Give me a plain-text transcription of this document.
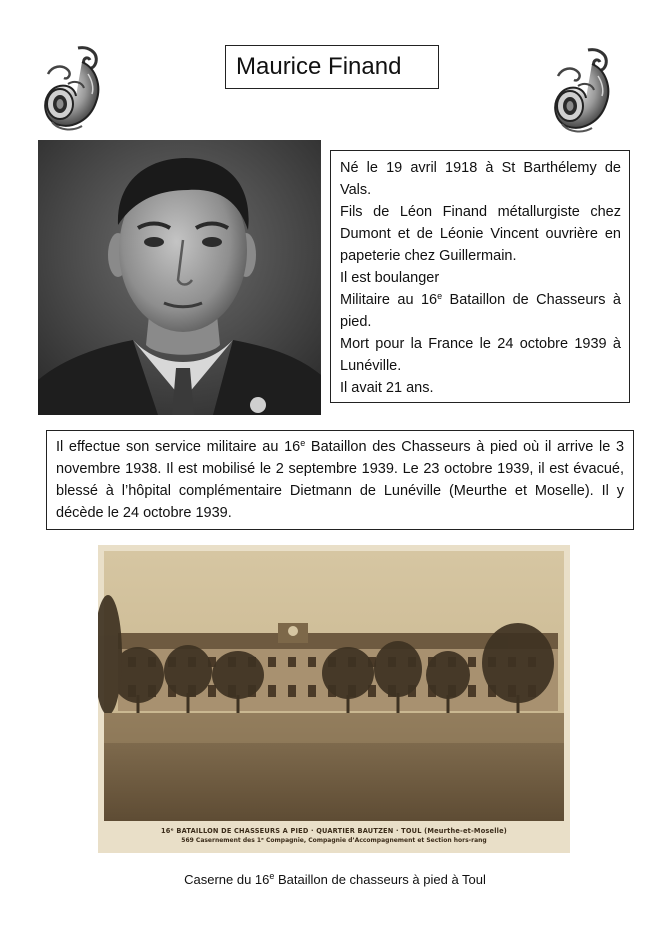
Maurice Finand

Né le 19 avril 1918 à St Barthélemy de Vals.

Fils de Léon Finand métallurgiste chez Dumont et de Léonie Vincent ouvrière en papeterie chez Guillermain.

Il est boulanger

Militaire au 16e Bataillon de Chasseurs à pied.

Mort pour la France le 24 octobre 1939 à Lunéville.

Il avait 21 ans.

Il effectue son service militaire au 16e Bataillon des Chasseurs à pied où il arrive le 3 novembre 1938. Il est mobilisé le 2 septembre 1939. Le 23 octobre 1939, il est évacué, blessé à l’hôpital complémentaire Dietmann de Lunéville (Meurthe et Moselle). Il y décède le 24 octobre 1939.
16ᵉ BATAILLON DE CHASSEURS A PIED · QUARTIER BAUTZEN · TOUL (Meurthe-et-Moselle)
569 Casernement des 1ᵉ Compagnie, Compagnie d’Accompagnement et Section hors-rang
Caserne du 16e Bataillon de chasseurs à pied à Toul
